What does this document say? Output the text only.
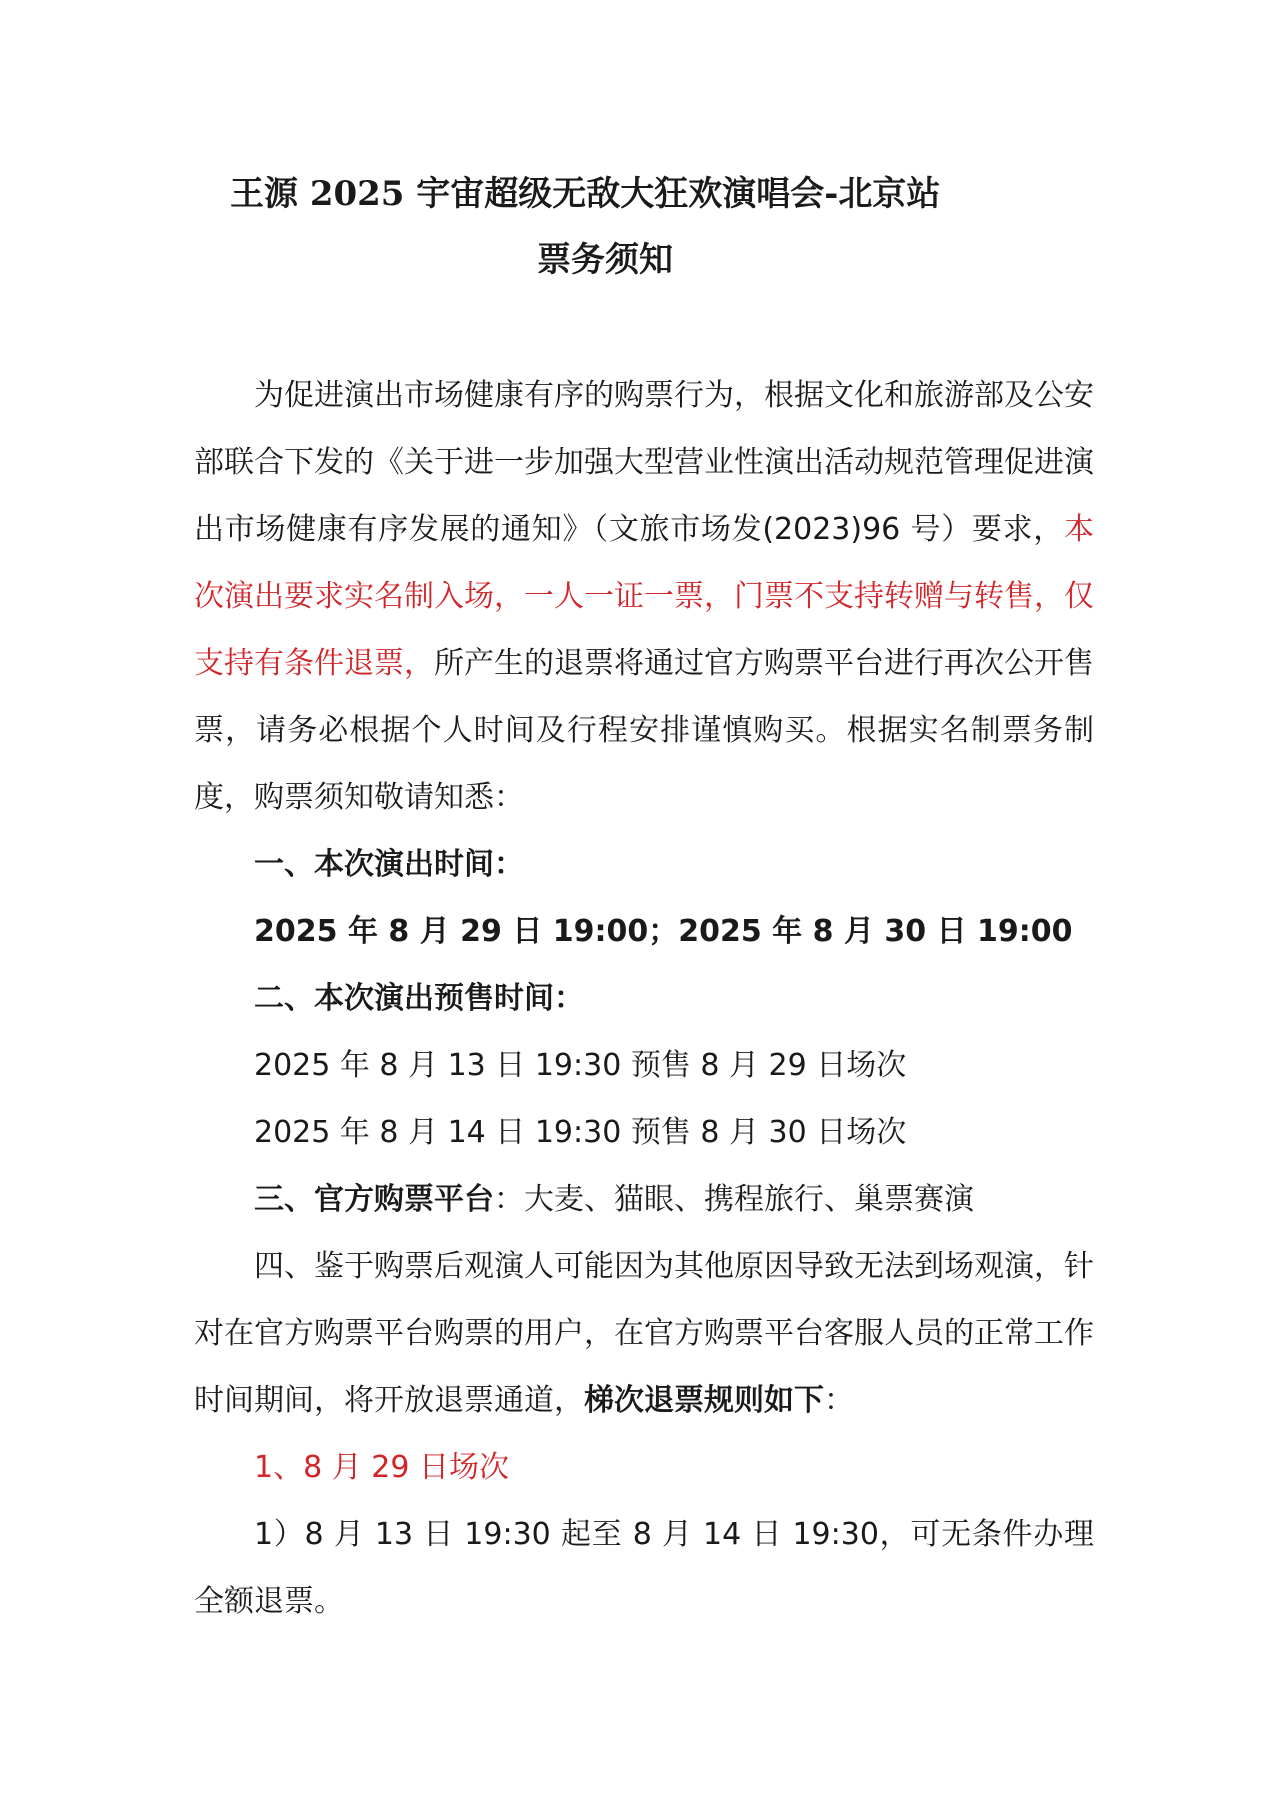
王源 2025 宇宙超级无敌大狂欢演唱会-北京站
票务须知

为促进演出市场健康有序的购票行为，根据文化和旅游部及公安部联合下发的《关于进一步加强大型营业性演出活动规范管理促进演出市场健康有序发展的通知》（文旅市场发(2023)96 号）要求，本次演出要求实名制入场，一人一证一票，门票不支持转赠与转售，仅支持有条件退票，所产生的退票将通过官方购票平台进行再次公开售票，请务必根据个人时间及行程安排谨慎购买。根据实名制票务制度，购票须知敬请知悉：

一、本次演出时间：

2025 年 8 月 29 日 19:00；2025 年 8 月 30 日 19:00

二、本次演出预售时间：

2025 年 8 月 13 日 19:30 预售 8 月 29 日场次

2025 年 8 月 14 日 19:30 预售 8 月 30 日场次

三、官方购票平台：大麦、猫眼、携程旅行、巢票赛演

四、鉴于购票后观演人可能因为其他原因导致无法到场观演，针对在官方购票平台购票的用户，在官方购票平台客服人员的正常工作时间期间，将开放退票通道，梯次退票规则如下：

1、8 月 29 日场次

1）8 月 13 日 19:30 起至 8 月 14 日 19:30，可无条件办理全额退票。
